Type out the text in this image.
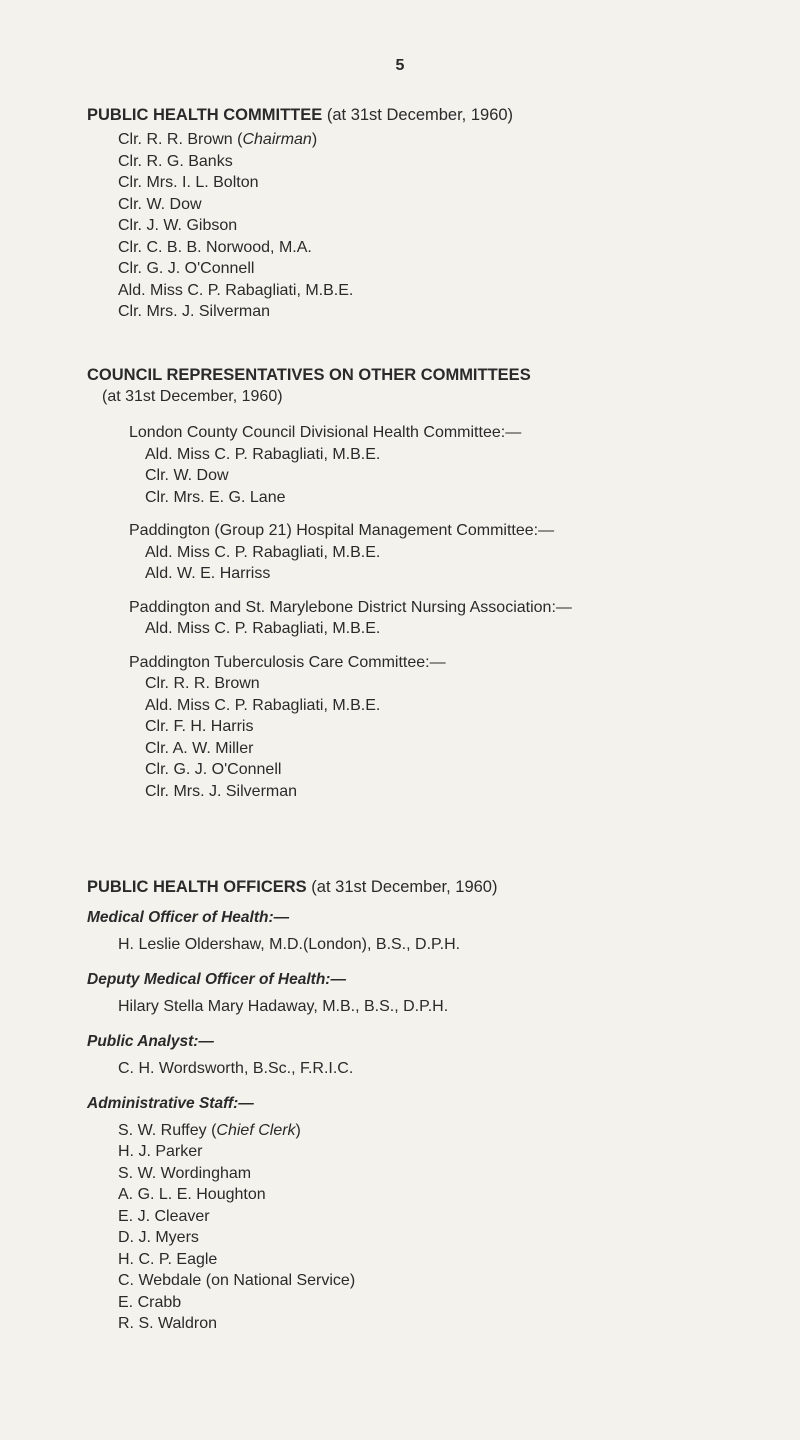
5
PUBLIC HEALTH COMMITTEE (at 31st December, 1960)
Clr. R. R. Brown (Chairman)
Clr. R. G. Banks
Clr. Mrs. I. L. Bolton
Clr. W. Dow
Clr. J. W. Gibson
Clr. C. B. B. Norwood, M.A.
Clr. G. J. O'Connell
Ald. Miss C. P. Rabagliati, M.B.E.
Clr. Mrs. J. Silverman
COUNCIL REPRESENTATIVES ON OTHER COMMITTEES
(at 31st December, 1960)
London County Council Divisional Health Committee:—
Ald. Miss C. P. Rabagliati, M.B.E.
Clr. W. Dow
Clr. Mrs. E. G. Lane
Paddington (Group 21) Hospital Management Committee:—
Ald. Miss C. P. Rabagliati, M.B.E.
Ald. W. E. Harriss
Paddington and St. Marylebone District Nursing Association:—
Ald. Miss C. P. Rabagliati, M.B.E.
Paddington Tuberculosis Care Committee:—
Clr. R. R. Brown
Ald. Miss C. P. Rabagliati, M.B.E.
Clr. F. H. Harris
Clr. A. W. Miller
Clr. G. J. O'Connell
Clr. Mrs. J. Silverman
PUBLIC HEALTH OFFICERS (at 31st December, 1960)
Medical Officer of Health:—
H. Leslie Oldershaw, M.D.(London), B.S., D.P.H.
Deputy Medical Officer of Health:—
Hilary Stella Mary Hadaway, M.B., B.S., D.P.H.
Public Analyst:—
C. H. Wordsworth, B.Sc., F.R.I.C.
Administrative Staff:—
S. W. Ruffey (Chief Clerk)
H. J. Parker
S. W. Wordingham
A. G. L. E. Houghton
E. J. Cleaver
D. J. Myers
H. C. P. Eagle
C. Webdale (on National Service)
E. Crabb
R. S. Waldron
